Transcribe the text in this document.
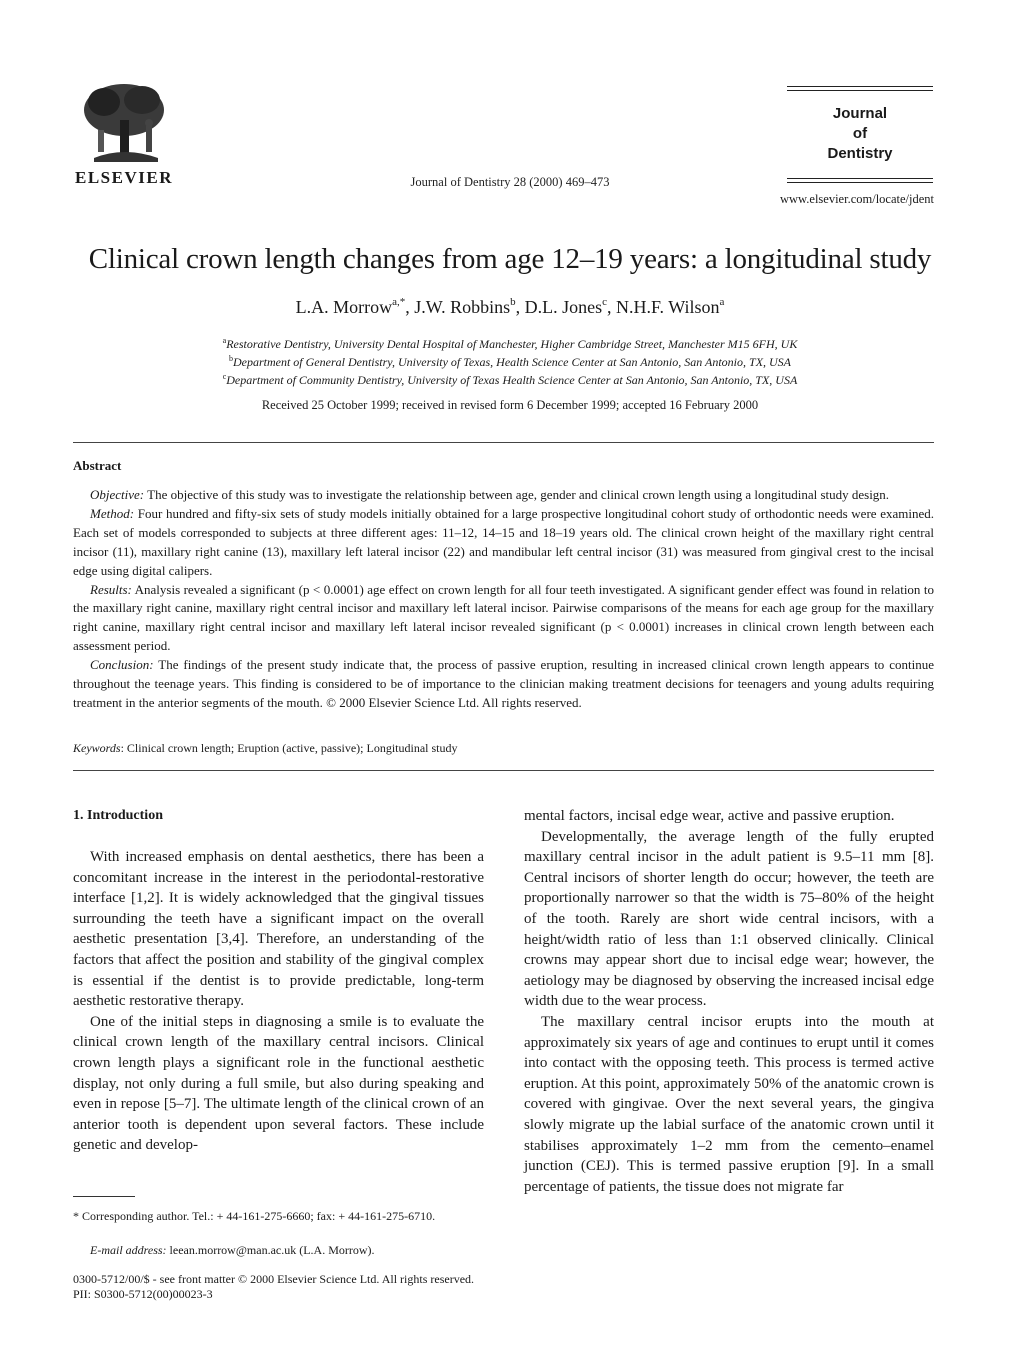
ELSEVIER	Journal of Dentistry 28 (2000) 469–473
Journal
of
Dentistry
www.elsevier.com/locate/jdent
Clinical crown length changes from age 12–19 years: a longitudinal study
L.A. Morrow$^{a,*}$, J.W. Robbins$^b$, D.L. Jones$^c$, N.H.F. Wilson$^a$
$^a$Restorative Dentistry, University Dental Hospital of Manchester, Higher Cambridge Street, Manchester M15 6FH, UK
$^b$Department of General Dentistry, University of Texas, Health Science Center at San Antonio, San Antonio, TX, USA
$^c$Department of Community Dentistry, University of Texas Health Science Center at San Antonio, San Antonio, TX, USA
Received 25 October 1999; received in revised form 6 December 1999; accepted 16 February 2000
Abstract

Objective: The objective of this study was to investigate the relationship between age, gender and clinical crown length using a longitudinal study design.

Method: Four hundred and fifty-six sets of study models initially obtained for a large prospective longitudinal cohort study of orthodontic needs were examined. Each set of models corresponded to subjects at three different ages: 11–12, 14–15 and 18–19 years old. The clinical crown height of the maxillary right central incisor (11), maxillary right canine (13), maxillary left lateral incisor (22) and mandibular left central incisor (31) was measured from gingival crest to the incisal edge using digital calipers.

Results: Analysis revealed a significant (p < 0.0001) age effect on crown length for all four teeth investigated. A significant gender effect was found in relation to the maxillary right canine, maxillary right central incisor and maxillary left lateral incisor. Pairwise comparisons of the means for each age group for the maxillary right canine, maxillary right central incisor and maxillary left lateral incisor revealed significant (p < 0.0001) increases in clinical crown length between each assessment period.

Conclusion: The findings of the present study indicate that, the process of passive eruption, resulting in increased clinical crown length appears to continue throughout the teenage years. This finding is considered to be of importance to the clinician making treatment decisions for teenagers and young adults requiring treatment in the anterior segments of the mouth. © 2000 Elsevier Science Ltd. All rights reserved.

Keywords: Clinical crown length; Eruption (active, passive); Longitudinal study
1. Introduction

With increased emphasis on dental aesthetics, there has been a concomitant increase in the interest in the periodontal-restorative interface [1,2]. It is widely acknowledged that the gingival tissues surrounding the teeth have a significant impact on the overall aesthetic presentation [3,4]. Therefore, an understanding of the factors that affect the position and stability of the gingival complex is essential if the dentist is to provide predictable, long-term aesthetic restorative therapy.

One of the initial steps in diagnosing a smile is to evaluate the clinical crown length of the maxillary central incisors. Clinical crown length plays a significant role in the functional aesthetic display, not only during a full smile, but also during speaking and even in repose [5–7]. The ultimate length of the clinical crown of an anterior tooth is dependent upon several factors. These include genetic and develop-

mental factors, incisal edge wear, active and passive eruption.

Developmentally, the average length of the fully erupted maxillary central incisor in the adult patient is 9.5–11 mm [8]. Central incisors of shorter length do occur; however, the teeth are proportionally narrower so that the width is 75–80% of the height of the tooth. Rarely are short wide central incisors, with a height/width ratio of less than 1:1 observed clinically. Clinical crowns may appear short due to incisal edge wear; however, the aetiology may be diagnosed by observing the increased incisal edge width due to the wear process.

The maxillary central incisor erupts into the mouth at approximately six years of age and continues to erupt until it comes into contact with the opposing teeth. This process is termed active eruption. At this point, approximately 50% of the anatomic crown is covered with gingivae. Over the next several years, the gingiva slowly migrate up the labial surface of the anatomic crown until it stabilises approximately 1–2 mm from the cemento–enamel junction (CEJ). This is termed passive eruption [9]. In a small percentage of patients, the tissue does not migrate far

* Corresponding author. Tel.: + 44-161-275-6660; fax: + 44-161-275-6710.
E-mail address: leean.morrow@man.ac.uk (L.A. Morrow).
0300-5712/00/$ - see front matter © 2000 Elsevier Science Ltd. All rights reserved.
PII: S0300-5712(00)00023-3
